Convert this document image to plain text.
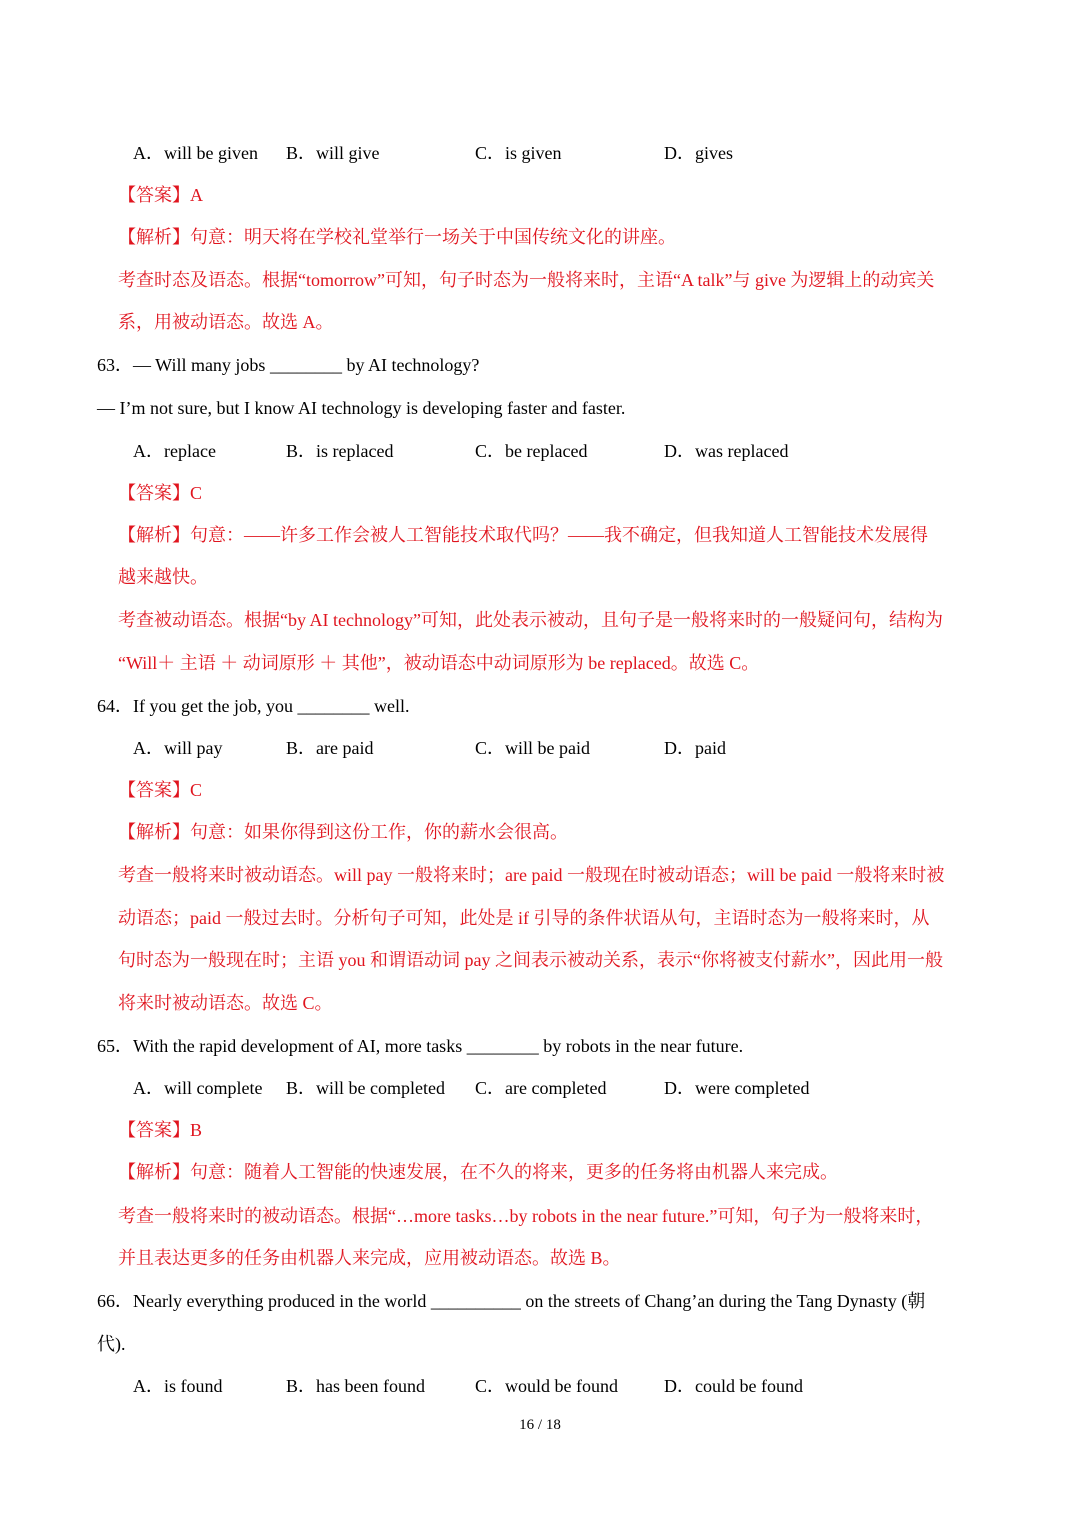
A．will be given B．will give	C．is given	D．gives
【答案】A
【解析】句意：明天将在学校礼堂举行一场关于中国传统文化的讲座。
考查时态及语态。根据“tomorrow”可知，句子时态为一般将来时，主语“A talk”与 give 为逻辑上的动宾关
系，用被动语态。故选 A。
63．— Will many jobs ________ by AI technology?
— I’m not sure, but I know AI technology is developing faster and faster.
A．replace	B．is replaced	C．be replaced	D．was replaced
【答案】C
【解析】句意：——许多工作会被人工智能技术取代吗？——我不确定，但我知道人工智能技术发展得
越来越快。
考查被动语态。根据“by AI technology”可知，此处表示被动，且句子是一般将来时的一般疑问句，结构为
“Will＋ 主语 ＋ 动词原形 ＋ 其他”，被动语态中动词原形为 be replaced。故选 C。
64．If you get the job, you ________ well.
A．will pay	B．are paid	C．will be paid	D．paid
【答案】C
【解析】句意：如果你得到这份工作，你的薪水会很高。
考查一般将来时被动语态。will pay 一般将来时；are paid 一般现在时被动语态；will be paid 一般将来时被
动语态；paid 一般过去时。分析句子可知，此处是 if 引导的条件状语从句，主语时态为一般将来时，从
句时态为一般现在时；主语 you 和谓语动词 pay 之间表示被动关系，表示“你将被支付薪水”，因此用一般
将来时被动语态。故选 C。
65．With the rapid development of AI, more tasks ________ by robots in the near future.
A．will complete B．will be completed C．are completed	D．were completed
【答案】B
【解析】句意：随着人工智能的快速发展，在不久的将来，更多的任务将由机器人来完成。
考查一般将来时的被动语态。根据“…more tasks…by robots in the near future.”可知，句子为一般将来时，
并且表达更多的任务由机器人来完成，应用被动语态。故选 B。
66．Nearly everything produced in the world __________ on the streets of Chang’an during the Tang Dynasty (朝
代).
A．is found	B．has been found	C．would be found	D．could be found
16 / 18
